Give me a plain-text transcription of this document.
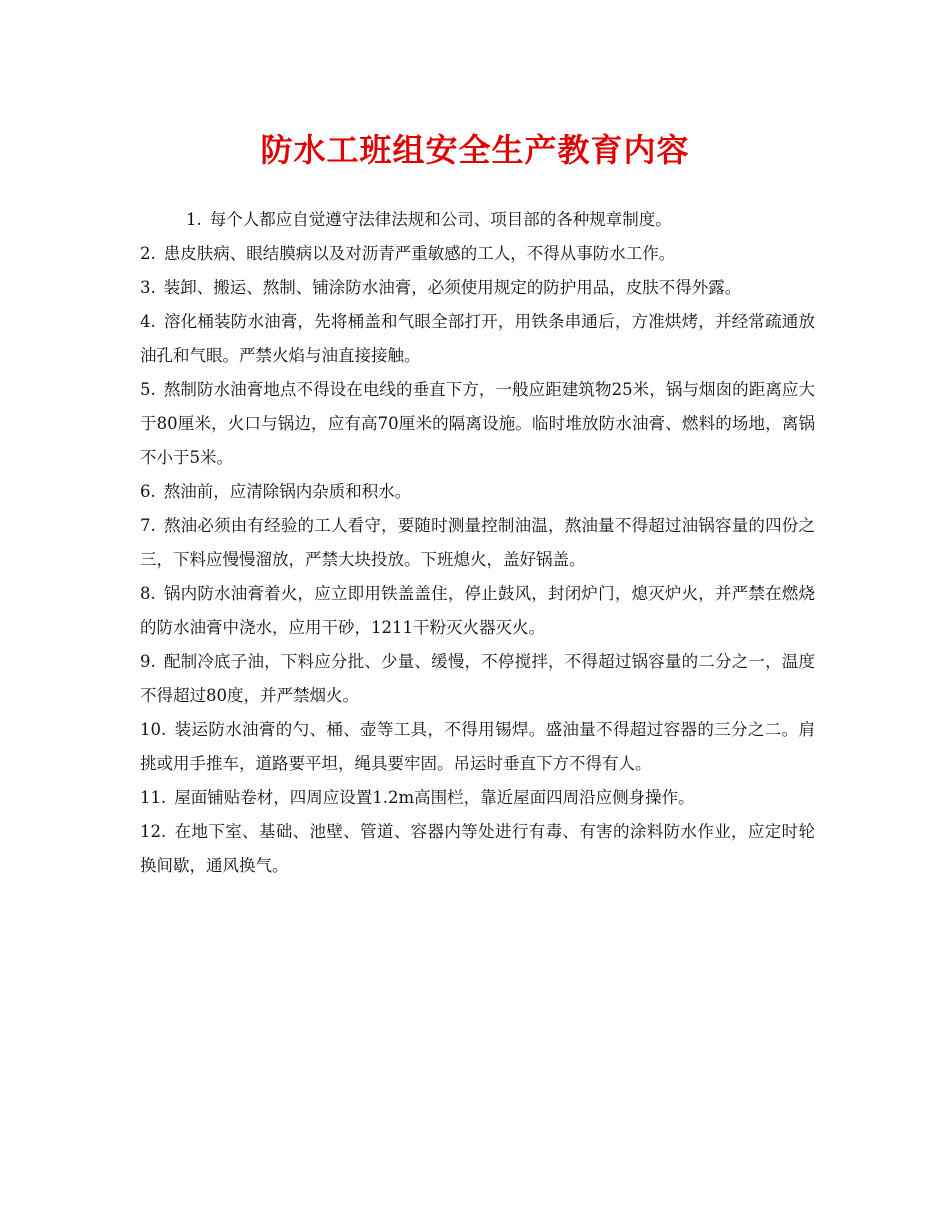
防水工班组安全生产教育内容

1. 每个人都应自觉遵守法律法规和公司、项目部的各种规章制度。

2. 患皮肤病、眼结膜病以及对沥青严重敏感的工人，不得从事防水工作。

3. 装卸、搬运、熬制、铺涂防水油膏，必须使用规定的防护用品，皮肤不得外露。

4. 溶化桶装防水油膏，先将桶盖和气眼全部打开，用铁条串通后，方准烘烤，并经常疏通放油孔和气眼。严禁火焰与油直接接触。

5. 熬制防水油膏地点不得设在电线的垂直下方，一般应距建筑物25米，锅与烟囱的距离应大于80厘米，火口与锅边，应有高70厘米的隔离设施。临时堆放防水油膏、燃料的场地，离锅不小于5米。

6. 熬油前，应清除锅内杂质和积水。

7. 熬油必须由有经验的工人看守，要随时测量控制油温，熬油量不得超过油锅容量的四份之三，下料应慢慢溜放，严禁大块投放。下班熄火，盖好锅盖。

8. 锅内防水油膏着火，应立即用铁盖盖住，停止鼓风，封闭炉门，熄灭炉火，并严禁在燃烧的防水油膏中浇水，应用干砂，1211干粉灭火器灭火。

9. 配制冷底子油，下料应分批、少量、缓慢，不停搅拌，不得超过锅容量的二分之一，温度不得超过80度，并严禁烟火。

10. 装运防水油膏的勺、桶、壶等工具，不得用锡焊。盛油量不得超过容器的三分之二。肩挑或用手推车，道路要平坦，绳具要牢固。吊运时垂直下方不得有人。

11. 屋面铺贴卷材，四周应设置1.2m高围栏，靠近屋面四周沿应侧身操作。

12. 在地下室、基础、池壁、管道、容器内等处进行有毒、有害的涂料防水作业，应定时轮换间歇，通风换气。
